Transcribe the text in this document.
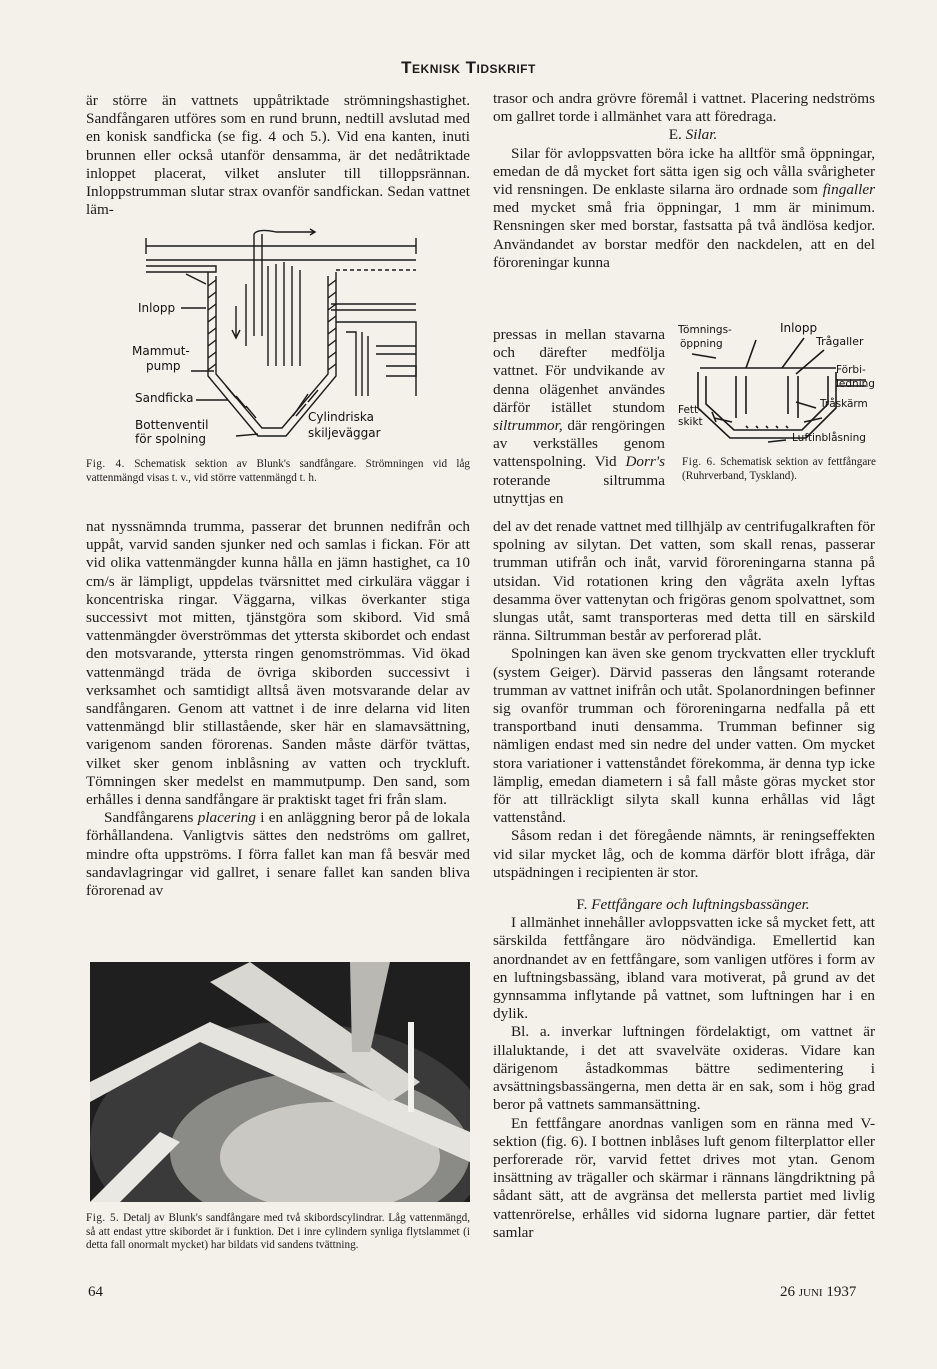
Teknisk Tidskrift

är större än vattnets uppåtriktade strömningshastighet. Sandfångaren utföres som en rund brunn, nedtill avslutad med en konisk sandficka (se fig. 4 och 5.). Vid ena kanten, inuti brunnen eller också utanför densamma, är det nedåtriktade inloppet placerat, vilket ansluter till tilloppsrännan. Inloppstrumman slutar strax ovanför sandfickan. Sedan vattnet läm-

Inlopp
Mammut-
pump
Sandficka
Bottenventil
för spolning
Cylindriska
skiljeväggar
Fig. 4. Schematisk sektion av Blunk's sandfångare. Strömningen vid låg vattenmängd visas t. v., vid större vattenmängd t. h.

nat nyssnämnda trumma, passerar det brunnen nedifrån och uppåt, varvid sanden sjunker ned och samlas i fickan. För att vid olika vattenmängder kunna hålla en jämn hastighet, ca 10 cm/s är lämpligt, uppdelas tvärsnittet med cirkulära väggar i koncentriska ringar. Väggarna, vilkas överkanter stiga successivt mot mitten, tjänstgöra som skibord. Vid små vattenmängder överströmmas det yttersta skibordet och endast den motsvarande, yttersta ringen genomströmmas. Vid ökad vattenmängd träda de övriga skiborden successivt i verksamhet och samtidigt alltså även motsvarande delar av sandfångaren. Genom att vattnet i de inre delarna vid liten vattenmängd blir stillastående, sker här en slamavsättning, varigenom sanden förorenas. Sanden måste därför tvättas, vilket sker genom inblåsning av vatten och tryckluft. Tömningen sker medelst en mammutpump. Den sand, som erhålles i denna sandfångare är praktiskt taget fri från slam.

Sandfångarens placering i en anläggning beror på de lokala förhållandena. Vanligtvis sättes den nedströms om gallret, mindre ofta uppströms. I förra fallet kan man få besvär med sandavlagringar vid gallret, i senare fallet kan sanden bliva förorenad av

Fig. 5. Detalj av Blunk's sandfångare med två skibordscylindrar. Låg vattenmängd, så att endast yttre skibordet är i funktion. Det i inre cylindern synliga flytslammet (i detta fall onormalt mycket) har bildats vid sandens tvättning.
64

trasor och andra grövre föremål i vattnet. Placering nedströms om gallret torde i allmänhet vara att föredraga.

E. Silar.

Silar för avloppsvatten böra icke ha alltför små öppningar, emedan de då mycket fort sätta igen sig och vålla svårigheter vid rensningen. De enklaste silarna äro ordnade som fingaller med mycket små fria öppningar, 1 mm är minimum. Rensningen sker med borstar, fastsatta på två ändlösa kedjor. Användandet av borstar medför den nackdelen, att en del föroreningar kunna

pressas in mellan stavarna och därefter medfölja vattnet. För undvikande av denna olägenhet användes därför istället stundom siltrummor, där rengöringen av verkställes genom vattenspolning. Vid Dorr's roterande siltrumma utnyttjas en

Tömnings-
öppning
Inlopp
Trågaller
Förbi-
ledning
Tråskärm
Fett-
skikt
Luftinblåsning
Fig. 6. Schematisk sektion av fettfångare (Ruhrverband, Tyskland).

del av det renade vattnet med tillhjälp av centrifugalkraften för spolning av silytan. Det vatten, som skall renas, passerar trumman utifrån och inåt, varvid föroreningarna stanna på utsidan. Vid rotationen kring den vågräta axeln lyftas desamma över vattenytan och frigöras genom spolvattnet, som slungas utåt, samt transporteras med detta till en särskild ränna. Siltrumman består av perforerad plåt.

Spolningen kan även ske genom tryckvatten eller tryckluft (system Geiger). Därvid passeras den långsamt roterande trumman av vattnet inifrån och utåt. Spolanordningen befinner sig ovanför trumman och föroreningarna nedfalla på ett transportband inuti densamma. Trumman befinner sig nämligen endast med sin nedre del under vatten. Om mycket stora variationer i vattenståndet förekomma, är denna typ icke lämplig, emedan diametern i så fall måste göras mycket stor för att tillräckligt silyta skall kunna erhållas vid lågt vattenstånd.

Såsom redan i det föregående nämnts, är reningseffekten vid silar mycket låg, och de komma därför blott ifråga, där utspädningen i recipienten är stor.

F. Fettfångare och luftningsbassänger.

I allmänhet innehåller avloppsvatten icke så mycket fett, att särskilda fettfångare äro nödvändiga. Emellertid kan anordnandet av en fettfångare, som vanligen utföres i form av en luftningsbassäng, ibland vara motiverat, på grund av det gynnsamma inflytande på vattnet, som luftningen har i en dylik.

Bl. a. inverkar luftningen fördelaktigt, om vattnet är illaluktande, i det att svavelväte oxideras. Vidare kan därigenom åstadkommas bättre sedimentering i avsättningsbassängerna, men detta är en sak, som i hög grad beror på vattnets sammansättning.

En fettfångare anordnas vanligen som en ränna med V-sektion (fig. 6). I bottnen inblåses luft genom filterplattor eller perforerade rör, varvid fettet drives mot ytan. Genom insättning av trägaller och skärmar i rännans längdriktning på sådant sätt, att de avgränsa det mellersta partiet med livlig vattenrörelse, erhålles vid sidorna lugnare partier, där fettet samlar

26 juni 1937
